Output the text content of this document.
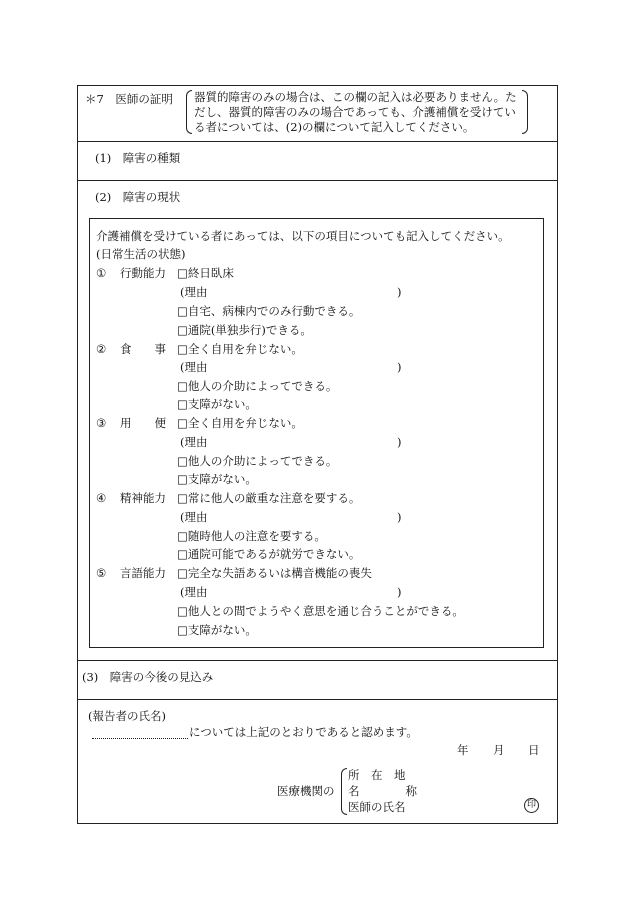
＊7　医師の証明 器質的障害のみの場合は、この欄の記入は必要ありません。た
だし、器質的障害のみの場合であっても、介護補償を受けてい
る者については、(2)の欄について記入してください。
(1)　障害の種類
(2)　障害の現状
介護補償を受けている者にあっては、以下の項目についても記入してください。
(日常生活の状態)
① 行動能力 □終日臥床
(理由	)
□自宅、病棟内でのみ行動できる。
□通院(単独歩行)できる。
② 食　　事 □全く自用を弁じない。
(理由	)
□他人の介助によってできる。
□支障がない。
③ 用　　便 □全く自用を弁じない。
(理由	)
□他人の介助によってできる。
□支障がない。
④ 精神能力 □常に他人の厳重な注意を要する。
(理由	)
□随時他人の注意を要する。
□通院可能であるが就労できない。
⑤ 言語能力 □完全な失語あるいは構音機能の喪失
(理由	)
□他人との間でようやく意思を通じ合うことができる。
□支障がない。
(3)　障害の今後の見込み
(報告者の氏名)
については上記のとおりであると認めます。
年 月 日
医療機関の
所　在　地
名　　　　称
医師の氏名	印
